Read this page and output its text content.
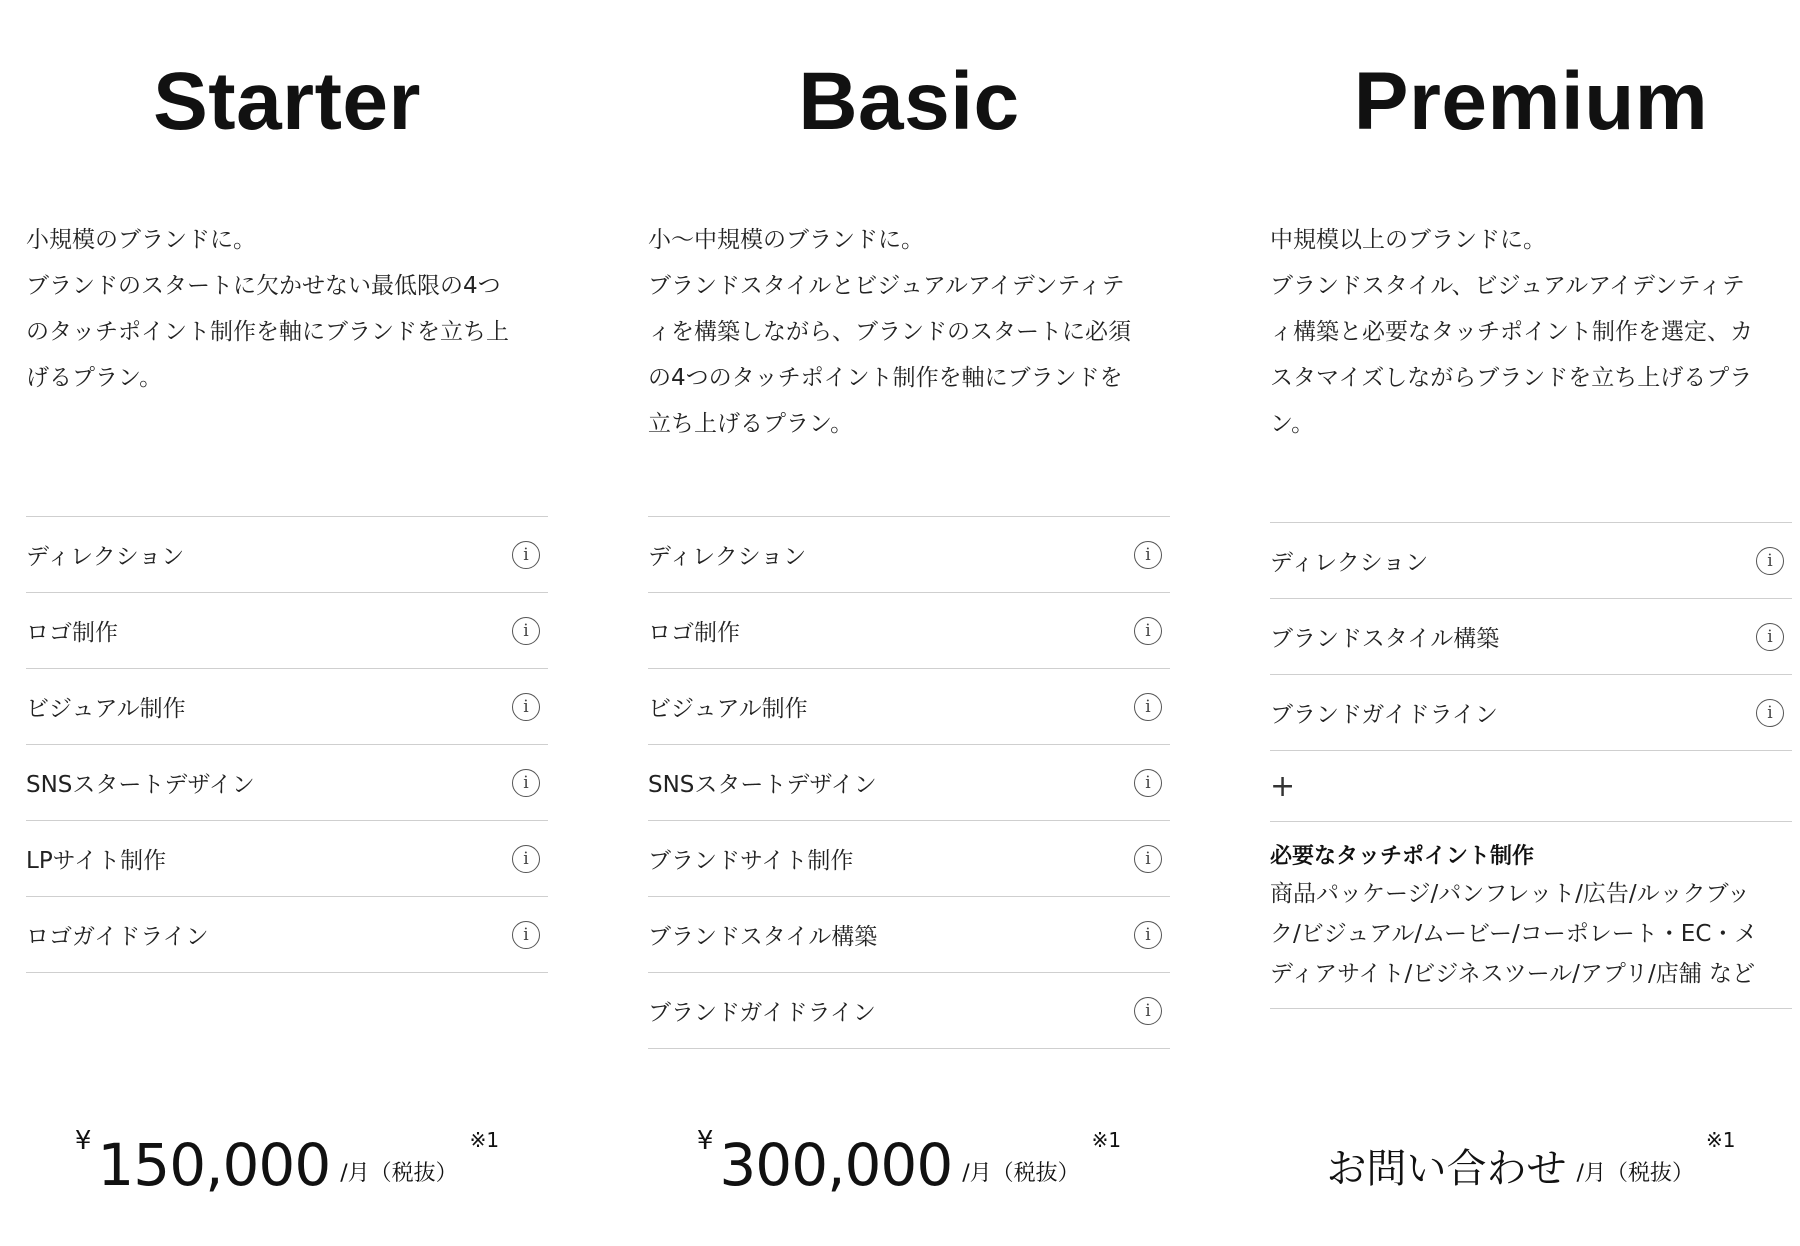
Starter

小規模のブランドに。
ブランドのスタートに欠かせない最低限の4つ
のタッチポイント制作を軸にブランドを立ち上
げるプラン。

ディレクション	i
ロゴ制作	i
ビジュアル制作	i
SNSスタートデザイン	i
LPサイト制作	i
ロゴガイドライン	i
¥ 150,000 /月（税抜）
※1
Basic

小〜中規模のブランドに。
ブランドスタイルとビジュアルアイデンティテ
ィを構築しながら、ブランドのスタートに必須
の4つのタッチポイント制作を軸にブランドを
立ち上げるプラン。

ディレクション	i
ロゴ制作	i
ビジュアル制作	i
SNSスタートデザイン	i
ブランドサイト制作	i
ブランドスタイル構築	i
ブランドガイドライン	i
¥ 300,000 /月（税抜）
※1
Premium

中規模以上のブランドに。
ブランドスタイル、ビジュアルアイデンティテ
ィ構築と必要なタッチポイント制作を選定、カ
スタマイズしながらブランドを立ち上げるプラ
ン。

ディレクション	i
ブランドスタイル構築	i
ブランドガイドライン	i
+
必要なタッチポイント制作
商品パッケージ/パンフレット/広告/ルックブッ
ク/ビジュアル/ムービー/コーポレート・EC・メ
ディアサイト/ビジネスツール/アプリ/店舗 など
お問い合わせ /月（税抜）
※1
